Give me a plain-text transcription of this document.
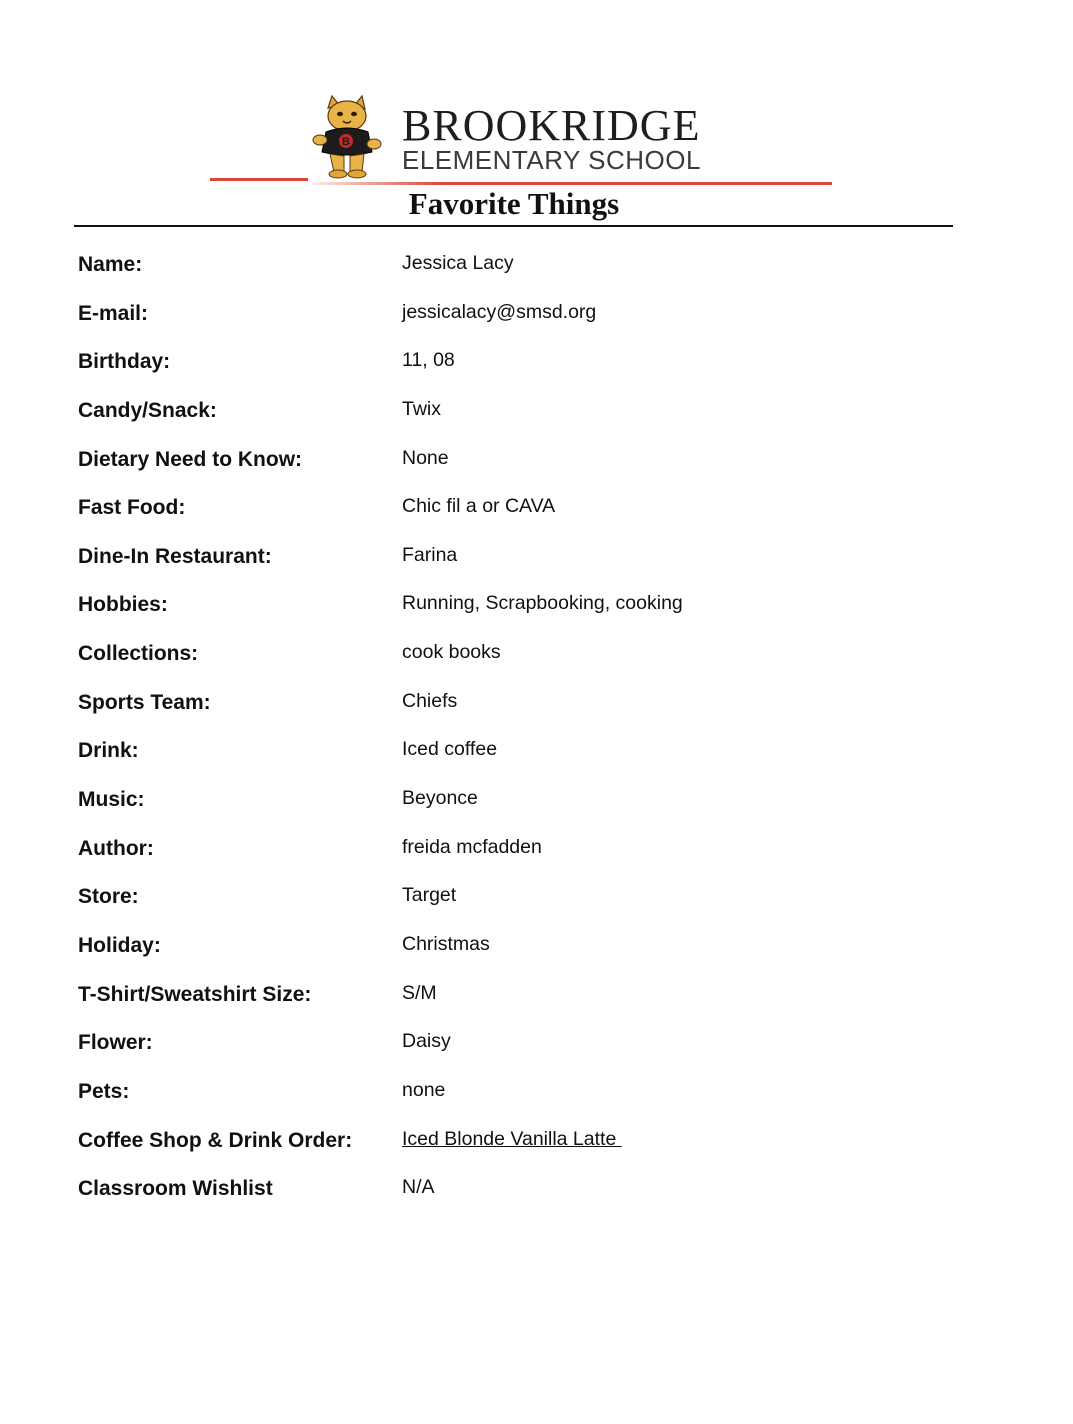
B BROOKRIDGE
ELEMENTARY SCHOOL
Favorite Things
Name:	Jessica Lacy
E-mail:	jessicalacy@smsd.org
Birthday:	11, 08
Candy/Snack:	Twix
Dietary Need to Know:	None
Fast Food:	Chic fil a or CAVA
Dine-In Restaurant:	Farina
Hobbies:	Running, Scrapbooking, cooking
Collections:	cook books
Sports Team:	Chiefs
Drink:	Iced coffee
Music:	Beyonce
Author:	freida mcfadden
Store:	Target
Holiday:	Christmas
T-Shirt/Sweatshirt Size:	S/M
Flower:	Daisy
Pets:	none
Coffee Shop & Drink Order:	Iced Blonde Vanilla Latte
Classroom Wishlist	N/A
